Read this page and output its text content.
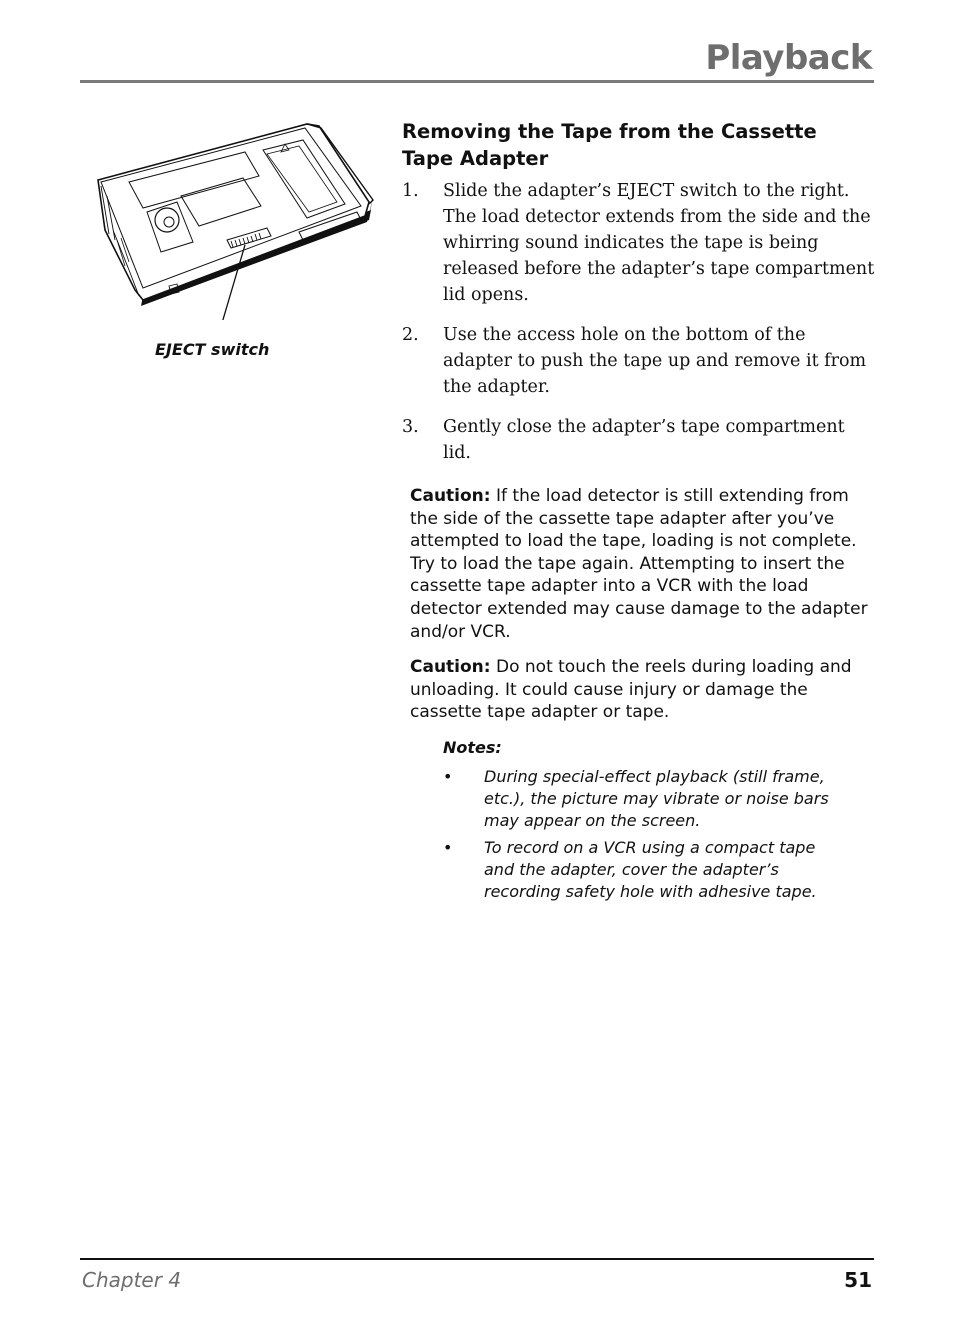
Playback
EJECT switch
Removing the Tape from the Cassette Tape Adapter
1. Slide the adapter’s EJECT switch to the right. The load detector extends from the side and the whirring sound indicates the tape is being released before the adapter’s tape compartment lid opens.
2. Use the access hole on the bottom of the adapter to push the tape up and remove it from the adapter.
3. Gently close the adapter’s tape compartment lid.

Caution: If the load detector is still extending from the side of the cassette tape adapter after you’ve attempted to load the tape, loading is not complete. Try to load the tape again. Attempting to insert the cassette tape adapter into a VCR with the load detector extended may cause damage to the adapter and/or VCR.

Caution: Do not touch the reels during loading and unloading. It could cause injury or damage the cassette tape adapter or tape.

Notes:
• During special-effect playback (still frame, etc.), the picture may vibrate or noise bars may appear on the screen.
• To record on a VCR using a compact tape and the adapter, cover the adapter’s recording safety hole with adhesive tape.
Chapter 4	51
